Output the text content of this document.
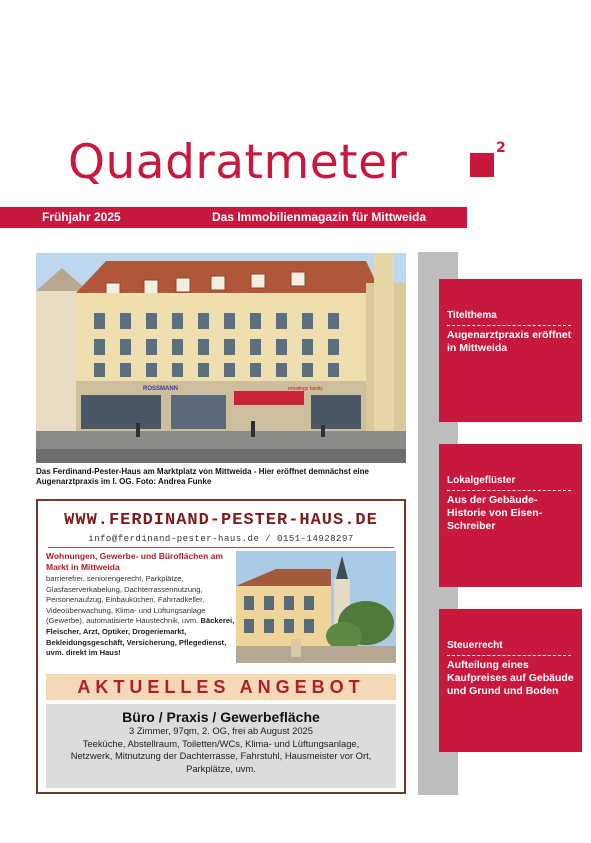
Quadratmeter	2
Frühjahr 2025	Das Immobilienmagazin für Mittweida
ROSSMANN	ernstings family
Das Ferdinand-Pester-Haus am Marktplatz von Mittweida - Hier eröffnet demnächst eine Augenarztpraxis im I. OG. Foto: Andrea Funke
WWW.FERDINAND-PESTER-HAUS.DE
info@ferdinand-pester-haus.de / 0151-14928297
Wohnungen, Gewerbe- und Büroflächen am Markt in Mittweida
barrierefrei, seniorengerecht, Parkplätze, Glasfaserverkabelung, Dachterrassennutzung, Personenaufzug, Einbauküchen, Fahrradkeller, Videoüberwachung, Klima- und Lüftungsanlage (Gewerbe), automatisierte Haustechnik, uvm. Bäckerei, Fleischer, Arzt, Optiker, Drogeriemarkt, Bekleidungsgeschäft, Versicherung, Pflegedienst, uvm. direkt im Haus!
AKTUELLES ANGEBOT
Büro / Praxis / Gewerbefläche
3 Zimmer, 97qm, 2. OG, frei ab August 2025
Teeküche, Abstellraum, Toiletten/WCs, Klima- und Lüftungsanlage,
Netzwerk, Mitnutzung der Dachterrasse, Fahrstuhl, Hausmeister vor Ort,
Parkplätze, uvm.
Titelthema
Augenarztpraxis eröffnet in Mittweida
Lokalgeflüster
Aus der Gebäude-Historie von Eisen-Schreiber
Steuerrecht
Aufteilung eines Kaufpreises auf Gebäude und Grund und Boden
